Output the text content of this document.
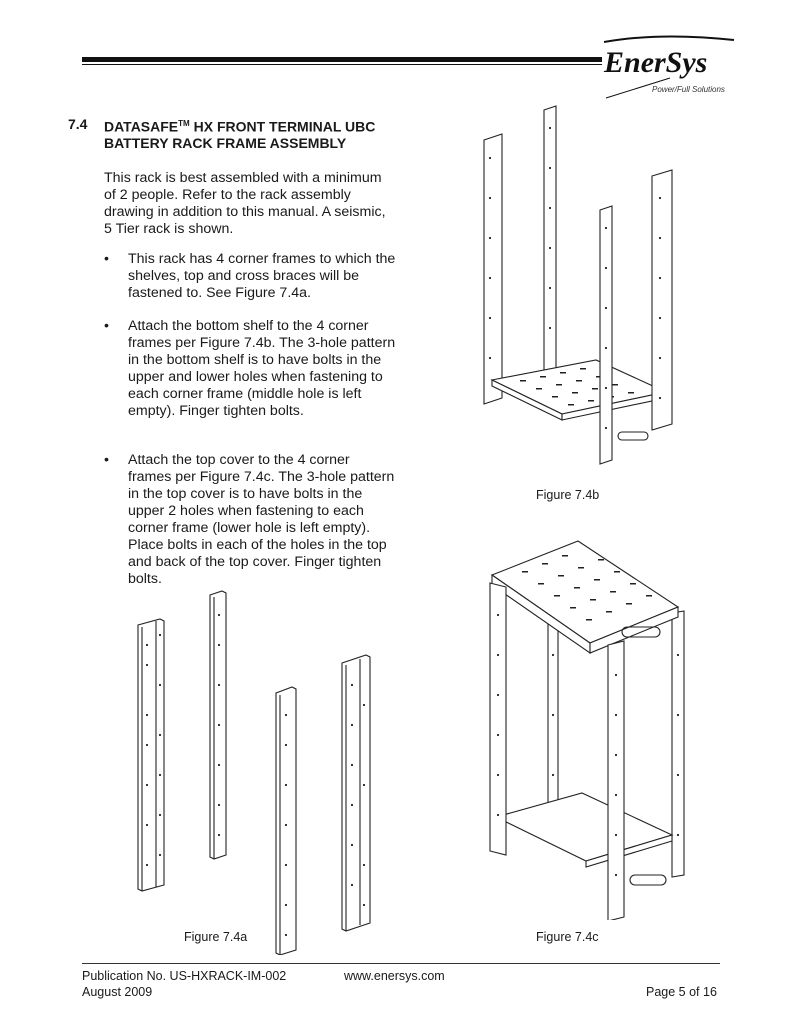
EnerSys
Power/Full Solutions
7.4 DATASAFE™ HX FRONT TERMINAL UBC BATTERY RACK FRAME ASSEMBLY
This rack is best assembled with a minimum of 2 people. Refer to the rack assembly drawing in addition to this manual. A seismic, 5 Tier rack is shown.
• This rack has 4 corner frames to which the shelves, top and cross braces will be fastened to. See Figure 7.4a.
• Attach the bottom shelf to the 4 corner frames per Figure 7.4b. The 3-hole pattern in the bottom shelf is to have bolts in the upper and lower holes when fastening to each corner frame (middle hole is left empty). Finger tighten bolts.
• Attach the top cover to the 4 corner frames per Figure 7.4c. The 3-hole pattern in the top cover is to have bolts in the upper 2 holes when fastening to each corner frame (lower hole is left empty). Place bolts in each of the holes in the top and back of the top cover. Finger tighten bolts.
Figure 7.4a
Figure 7.4b
Figure 7.4c
Publication No. US-HXRACK-IM-002
August 2009
www.enersys.com
Page 5 of 16
